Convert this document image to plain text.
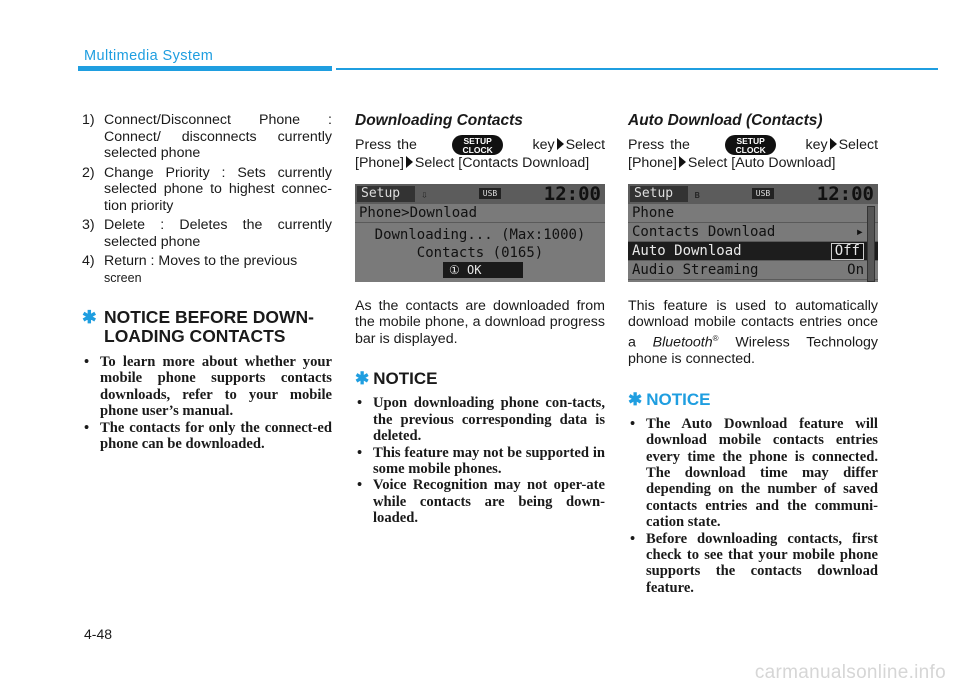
Multimedia System
1) Connect/Disconnect Phone : Connect/ disconnects currently selected phone
2) Change Priority : Sets currently selected phone to highest connec-tion priority
3) Delete : Deletes the currently selected phone
4) Return : Moves to the previous
screen
✱ NOTICE BEFORE DOWN-LOADING CONTACTS
• To learn more about whether your mobile phone supports contacts downloads, refer to your mobile phone user’s manual.
• The contacts for only the connect-ed phone can be downloaded.
Downloading Contacts

Press the	SETUP
CLOCK	key Select [Phone] Select [Contacts Download]

Setup	⇩	USB 12:00
Phone>Download
Downloading... (Max:1000)
Contacts (0165)
① OK

As the contacts are downloaded from the mobile phone, a download progress bar is displayed.

✱ NOTICE
• Upon downloading phone con-tacts, the previous corresponding data is deleted.
• This feature may not be supported in some mobile phones.
• Voice Recognition may not oper-ate while contacts are being down-loaded.
Auto Download (Contacts)

Press the	SETUP
CLOCK	key Select [Phone] Select [Auto Download]

Setup	ʙ	USB 12:00
Phone
Contacts Download	▸
Auto Download	Off
Audio Streaming	On

This feature is used to automatically download mobile contacts entries once a Bluetooth® Wireless Technology phone is connected.

✱ NOTICE
• The Auto Download feature will download mobile contacts entries every time the phone is connected. The download time may differ depending on the number of saved contacts entries and the communi-cation state.
• Before downloading contacts, first check to see that your mobile phone supports the contacts download feature.
4-48
carmanualsonline.info
